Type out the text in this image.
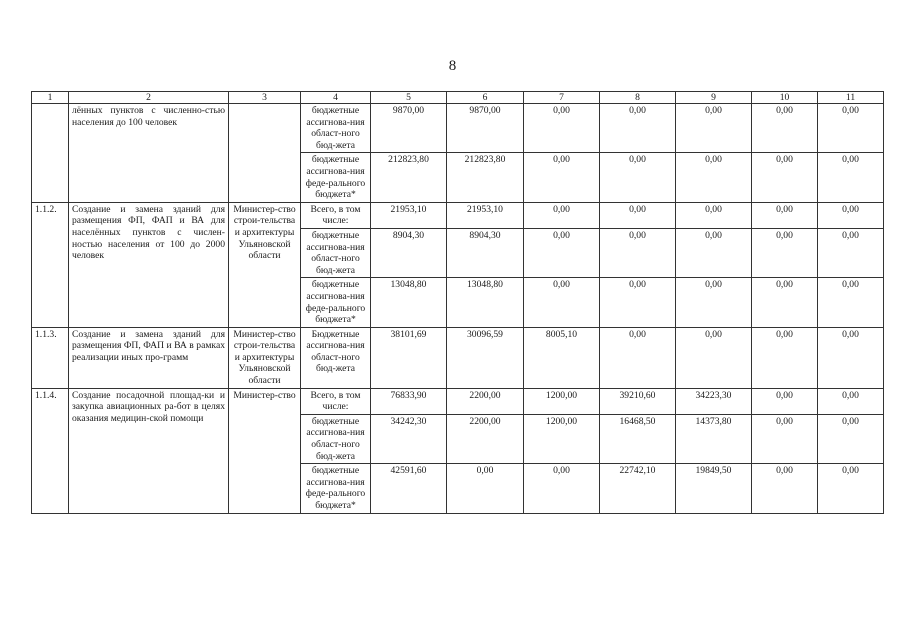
8
1	2	3	4	5	6	7	8	9	10	11
	лённых пунктов с численно-стью населения до 100 человек		бюджетные ассигнова-ния област-ного бюд-жета	9870,00	9870,00	0,00	0,00	0,00	0,00	0,00
			бюджетные ассигнова-ния феде-рального бюджета*	212823,80	212823,80	0,00	0,00	0,00	0,00	0,00
1.1.2.	Создание и замена зданий для размещения ФП, ФАП и ВА для населённых пунктов с числен-ностью населения от 100 до 2000 человек	Министер-ство строи-тельства и архитектуры Ульяновской области	Всего, в том числе:	21953,10	21953,10	0,00	0,00	0,00	0,00	0,00
			бюджетные ассигнова-ния област-ного бюд-жета	8904,30	8904,30	0,00	0,00	0,00	0,00	0,00
			бюджетные ассигнова-ния феде-рального бюджета*	13048,80	13048,80	0,00	0,00	0,00	0,00	0,00
1.1.3.	Создание и замена зданий для размещения ФП, ФАП и ВА в рамках реализации иных про-грамм	Министер-ство строи-тельства и архитектуры Ульяновской области	Бюджетные ассигнова-ния област-ного бюд-жета	38101,69	30096,59	8005,10	0,00	0,00	0,00	0,00
1.1.4.	Создание посадочной площад-ки и закупка авиационных ра-бот в целях оказания медицин-ской помощи	Министер-ство	Всего, в том числе:	76833,90	2200,00	1200,00	39210,60	34223,30	0,00	0,00
			бюджетные ассигнова-ния област-ного бюд-жета	34242,30	2200,00	1200,00	16468,50	14373,80	0,00	0,00
			бюджетные ассигнова-ния феде-рального бюджета*	42591,60	0,00	0,00	22742,10	19849,50	0,00	0,00
